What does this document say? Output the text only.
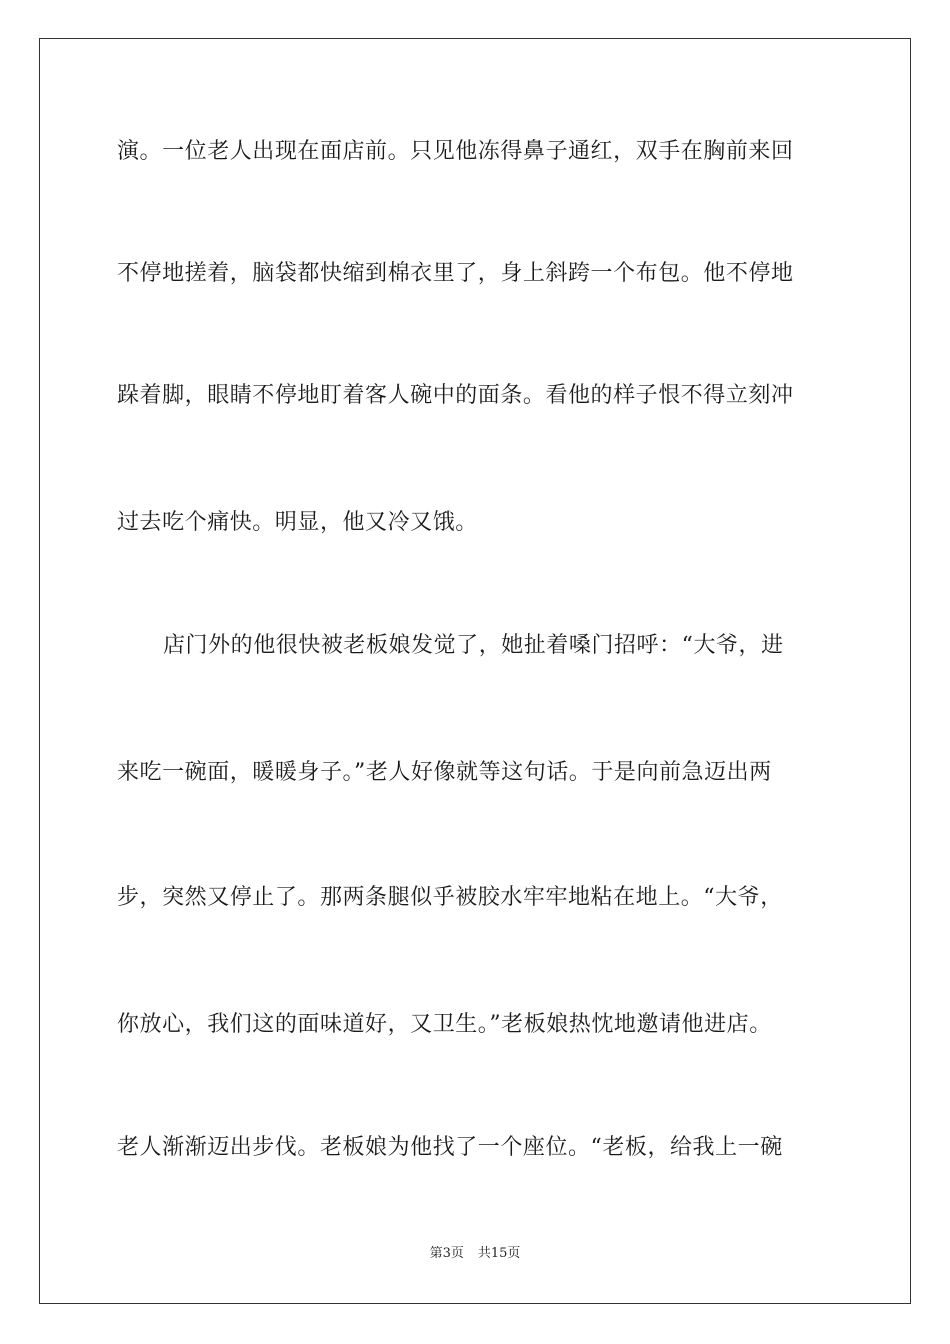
演。一位老人出现在面店前。只见他冻得鼻子通红，双手在胸前来回
不停地搓着，脑袋都快缩到棉衣里了，身上斜跨一个布包。他不停地
跺着脚，眼睛不停地盯着客人碗中的面条。看他的样子恨不得立刻冲
过去吃个痛快。明显，他又冷又饿。
店门外的他很快被老板娘发觉了，她扯着嗓门招呼：“大爷，进
来吃一碗面，暖暖身子。”老人好像就等这句话。于是向前急迈出两
步，突然又停止了。那两条腿似乎被胶水牢牢地粘在地上。“大爷，
你放心，我们这的面味道好，又卫生。”老板娘热忱地邀请他进店。
老人渐渐迈出步伐。老板娘为他找了一个座位。“老板，给我上一碗
第3页 共15页
